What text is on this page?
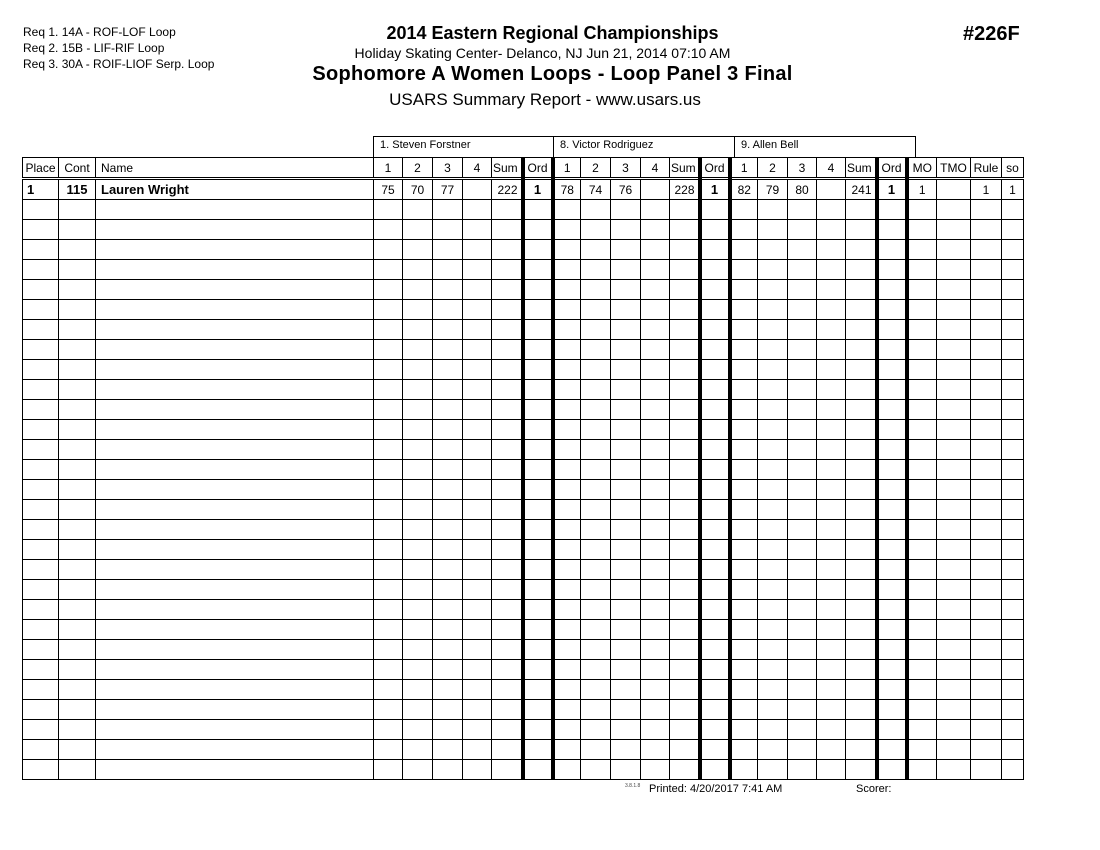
Req 1. 14A - ROF-LOF Loop
Req 2. 15B - LIF-RIF Loop
Req 3. 30A - ROIF-LIOF Serp. Loop
2014 Eastern Regional Championships
Holiday Skating Center- Delanco, NJ Jun 21, 2014 07:10 AM
Sophomore A Women Loops - Loop Panel 3 Final
USARS Summary Report - www.usars.us
#226F
1. Steven Forstner	8. Victor Rodriguez	9. Allen Bell
Place	Cont	Name	1	2	3	4	Sum	Ord	1	2	3	4	Sum	Ord	1	2	3	4	Sum	Ord	MO	TMO	Rule	so
1	115	Lauren Wright	75	70	77		222	1	78	74	76		228	1	82	79	80		241	1	1		1	1

3.8.1.8 Printed: 4/20/2017 7:41 AM	Scorer:
